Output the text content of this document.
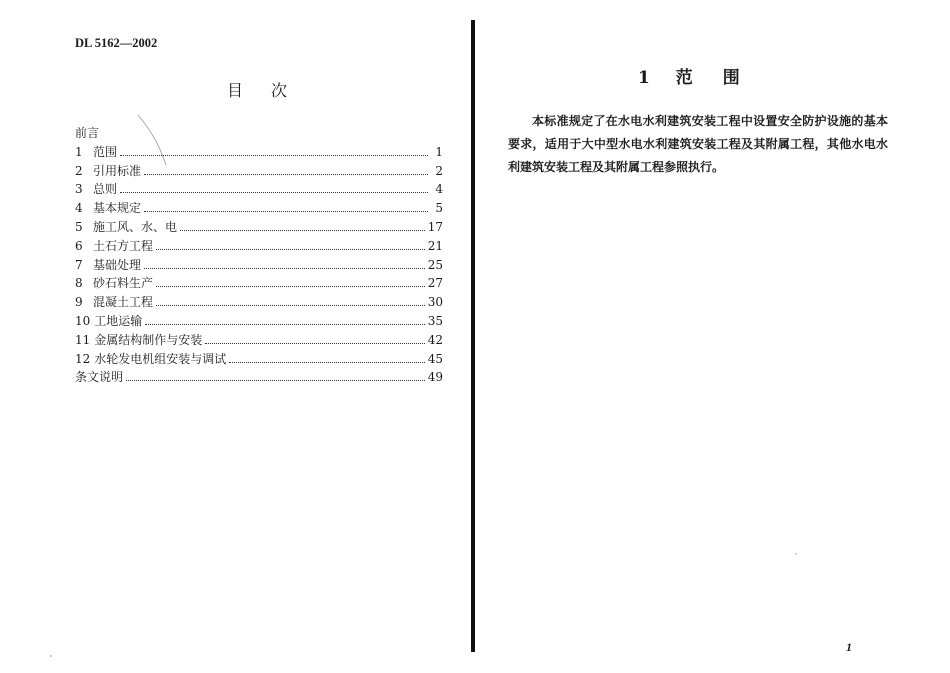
DL 5162—2002
目 次
前言
1 范围	1
2 引用标准	2
3 总则	4
4 基本规定	5
5 施工风、水、电	17
6 土石方工程	21
7 基础处理	25
8 砂石料生产	27
9 混凝土工程	30
10 工地运输	35
11 金属结构制作与安装	42
12 水轮发电机组安装与调试	45
条文说明	49
1 范 围
本标准规定了在水电水利建筑安装工程中设置安全防护设施的基本要求，适用于大中型水电水利建筑安装工程及其附属工程，其他水电水利建筑安装工程及其附属工程参照执行。
1
